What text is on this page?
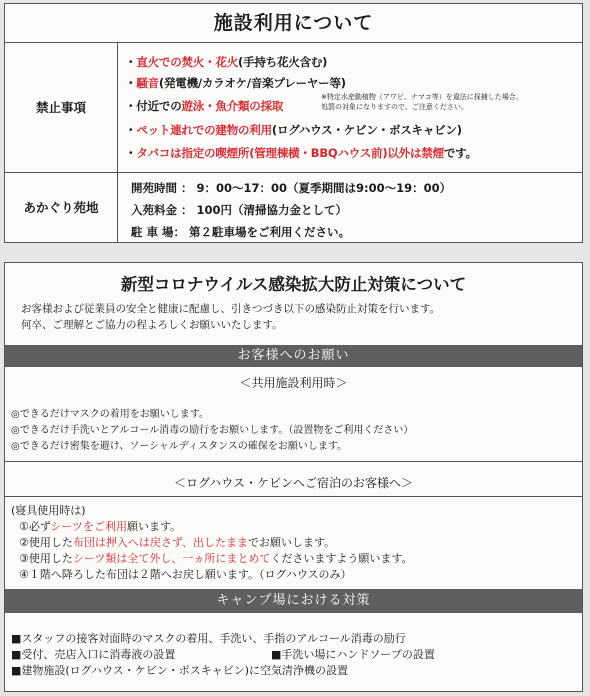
施設利用について
禁止事項
・直火での焚火・花火(手持ち花火含む)
・騒音(発電機/カラオケ/音楽プレーヤー等)
・付近での遊泳・魚介類の採取
※特定水産動植物（アワビ、ナマコ等）を違法に採捕した場合、
処罰の対象になりますので、ご注意ください。
・ペット連れでの建物の利用(ログハウス・ケビン・ボスキャビン)
・タバコは指定の喫煙所(管理棟横・BBQハウス前)以外は禁煙です。
あかぐり苑地
開苑時間 ： 9：00～17：00（夏季期間は9:00～19：00）
入苑料金 ： 100円（清掃協力金として）
駐 車 場： 第２駐車場をご利用ください。
新型コロナウイルス感染拡大防止対策について
お客様および従業員の安全と健康に配慮し、引きつづき以下の感染防止対策を行います。
何卒、ご理解とご協力の程よろしくお願いいたします。
お客様へのお願い
＜共用施設利用時＞
◎できるだけマスクの着用をお願いします。
◎できるだけ手洗いとアルコール消毒の励行をお願いします。（設置物をご利用ください）
◎できるだけ密集を避け、ソーシャルディスタンスの確保をお願いします。
＜ログハウス・ケビンへご宿泊のお客様へ＞
(寝具使用時は)
①必ずシーツをご利用願います。
②使用した布団は押入へは戻さず、出したままでお願いします。
③使用したシーツ類は全て外し、一ヵ所にまとめてくださいますよう願います。
④１階へ降ろした布団は２階へお戻し願います。（ログハウスのみ）
キャンプ場における対策
■スタッフの接客対面時のマスクの着用、手洗い、手指のアルコール消毒の励行
■受付、売店入口に消毒液の設置	■手洗い場にハンドソープの設置
■建物施設(ログハウス・ケビン・ボスキャビン)に空気清浄機の設置
